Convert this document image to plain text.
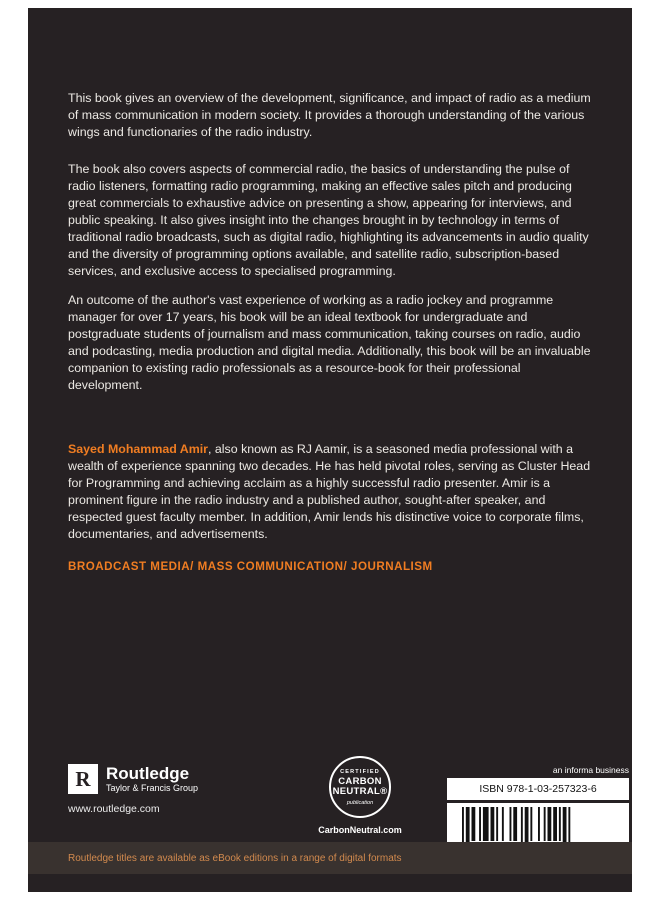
This book gives an overview of the development, significance, and impact of radio as a medium of mass communication in modern society. It provides a thorough understanding of the various wings and functionaries of the radio industry.

The book also covers aspects of commercial radio, the basics of understanding the pulse of radio listeners, formatting radio programming, making an effective sales pitch and producing great commercials to exhaustive advice on presenting a show, appearing for interviews, and public speaking. It also gives insight into the changes brought in by technology in terms of traditional radio broadcasts, such as digital radio, highlighting its advancements in audio quality and the diversity of programming options available, and satellite radio, subscription-based services, and exclusive access to specialised programming.

An outcome of the author's vast experience of working as a radio jockey and programme manager for over 17 years, his book will be an ideal textbook for undergraduate and postgraduate students of journalism and mass communication, taking courses on radio, audio and podcasting, media production and digital media. Additionally, this book will be an invaluable companion to existing radio professionals as a resource-book for their professional development.

Sayed Mohammad Amir, also known as RJ Aamir, is a seasoned media professional with a wealth of experience spanning two decades. He has held pivotal roles, serving as Cluster Head for Programming and achieving acclaim as a highly successful radio presenter. Amir is a prominent figure in the radio industry and a published author, sought-after speaker, and respected guest faculty member. In addition, Amir lends his distinctive voice to corporate films, documentaries, and advertisements.

BROADCAST MEDIA/ MASS COMMUNICATION/ JOURNALISM
R Routledge
Taylor & Francis Group
www.routledge.com
CERTIFIED
CARBON
NEUTRAL®
publication
CarbonNeutral.com
an informa business
ISBN 978-1-03-257323-6
Routledge titles are available as eBook editions in a range of digital formats
